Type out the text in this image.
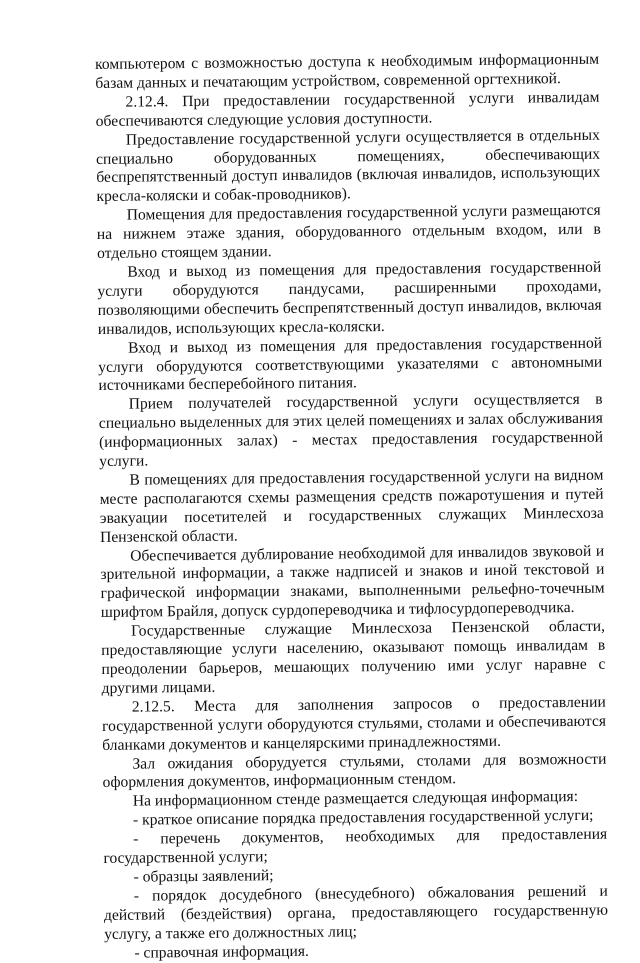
компьютером с возможностью доступа к необходимым информационным базам данных и печатающим устройством, современной оргтехникой.

2.12.4. При предоставлении государственной услуги инвалидам обеспечиваются следующие условия доступности.

Предоставление государственной услуги осуществляется в отдельных специально оборудованных помещениях, обеспечивающих беспрепятственный доступ инвалидов (включая инвалидов, использующих кресла-коляски и собак-проводников).

Помещения для предоставления государственной услуги размещаются на нижнем этаже здания, оборудованного отдельным входом, или в отдельно стоящем здании.

Вход и выход из помещения для предоставления государственной услуги оборудуются пандусами, расширенными проходами, позволяющими обеспечить беспрепятственный доступ инвалидов, включая инвалидов, использующих кресла-коляски.

Вход и выход из помещения для предоставления государственной услуги оборудуются соответствующими указателями с автономными источниками бесперебойного питания.

Прием получателей государственной услуги осуществляется в специально выделенных для этих целей помещениях и залах обслуживания (информационных залах) - местах предоставления государственной услуги.

В помещениях для предоставления государственной услуги на видном месте располагаются схемы размещения средств пожаротушения и путей эвакуации посетителей и государственных служащих Минлесхоза Пензенской области.

Обеспечивается дублирование необходимой для инвалидов звуковой и зрительной информации, а также надписей и знаков и иной текстовой и графической информации знаками, выполненными рельефно-точечным шрифтом Брайля, допуск сурдопереводчика и тифлосурдопереводчика.

Государственные служащие Минлесхоза Пензенской области, предоставляющие услуги населению, оказывают помощь инвалидам в преодолении барьеров, мешающих получению ими услуг наравне с другими лицами.

2.12.5. Места для заполнения запросов о предоставлении государственной услуги оборудуются стульями, столами и обеспечиваются бланками документов и канцелярскими принадлежностями.

Зал ожидания оборудуется стульями, столами для возможности оформления документов, информационным стендом.

На информационном стенде размещается следующая информация:

- краткое описание порядка предоставления государственной услуги;

- перечень документов, необходимых для предоставления государственной услуги;

- образцы заявлений;

- порядок досудебного (внесудебного) обжалования решений и действий (бездействия) органа, предоставляющего государственную услугу, а также его должностных лиц;

- справочная информация.
